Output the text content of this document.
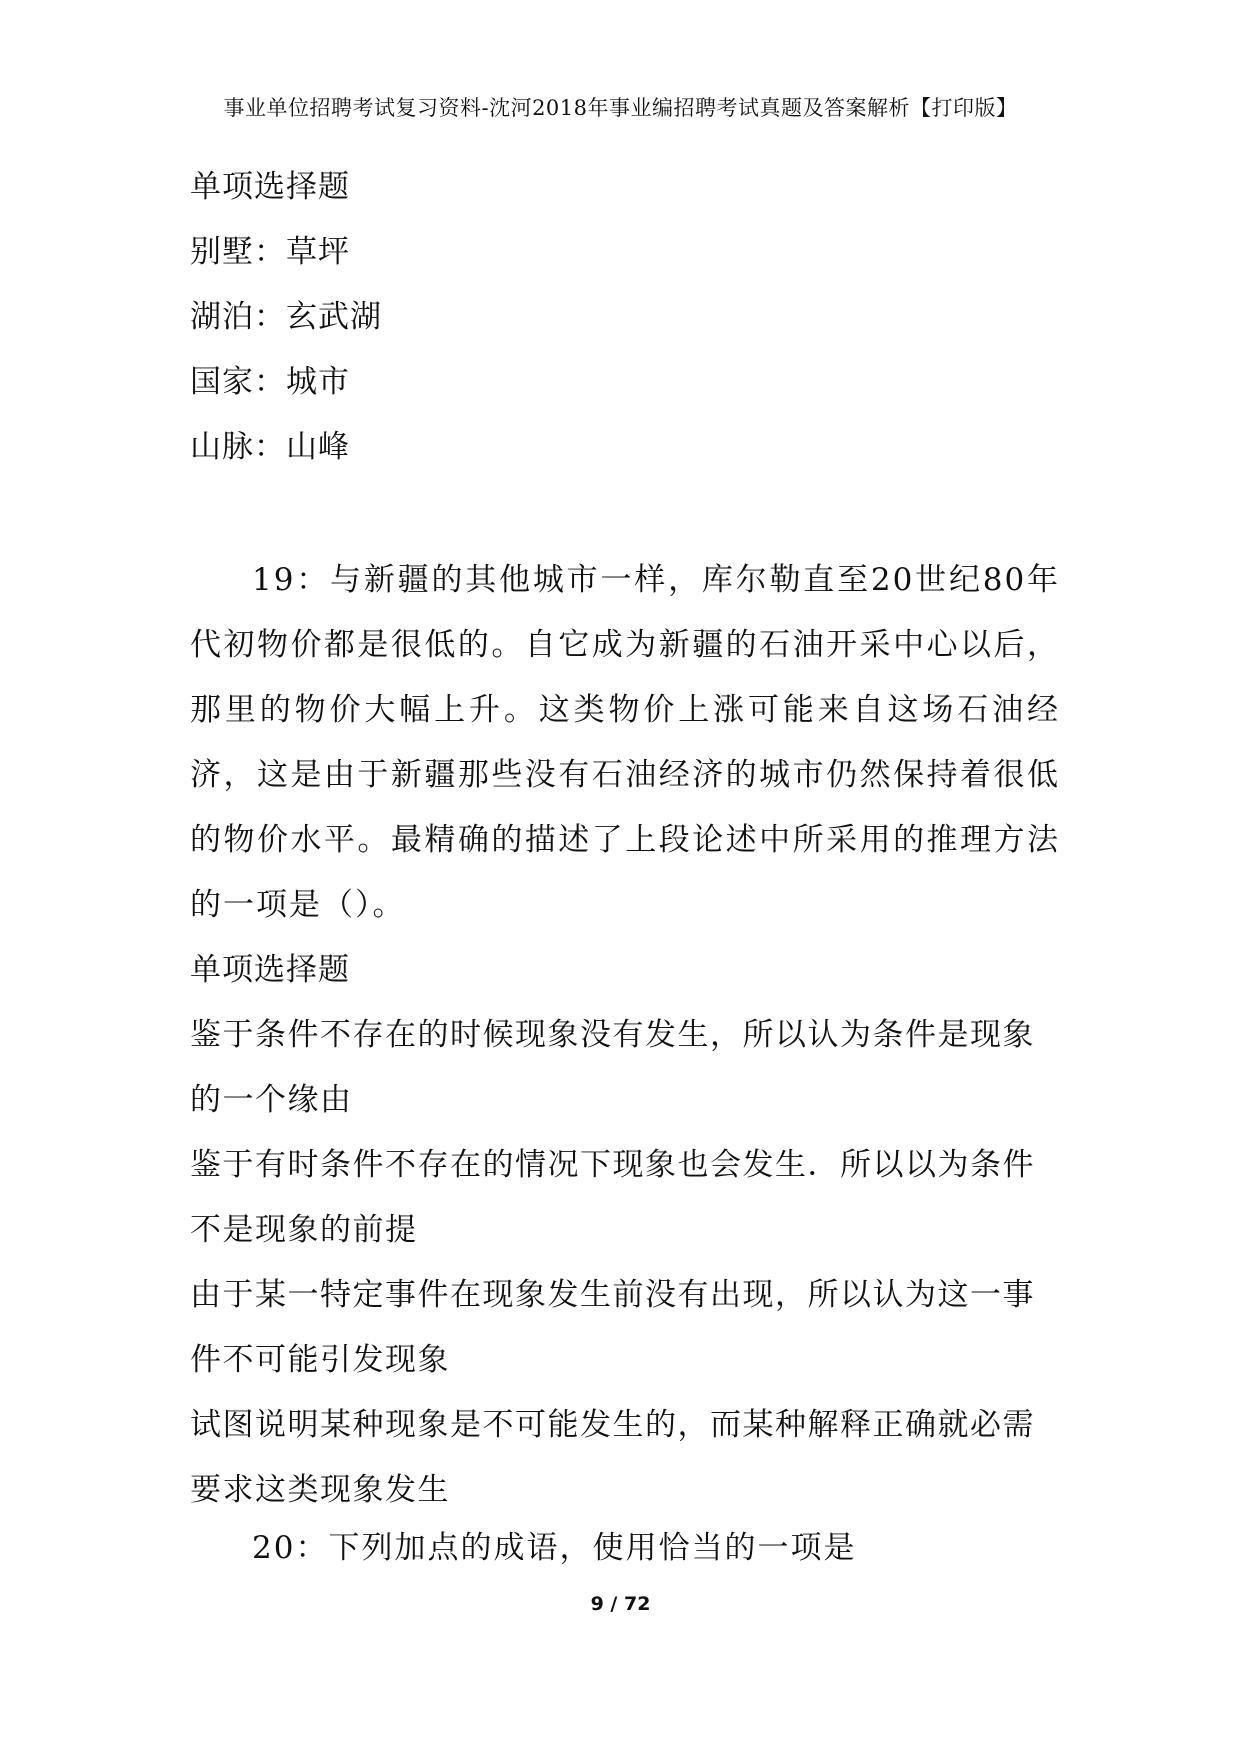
事业单位招聘考试复习资料-沈河2018年事业编招聘考试真题及答案解析【打印版】
单项选择题
别墅：草坪
湖泊：玄武湖
国家：城市
山脉：山峰
19：与新疆的其他城市一样，库尔勒直至20世纪80年代初物价都是很低的。自它成为新疆的石油开采中心以后，那里的物价大幅上升。这类物价上涨可能来自这场石油经济，这是由于新疆那些没有石油经济的城市仍然保持着很低的物价水平。最精确的描述了上段论述中所采用的推理方法的一项是（）。
单项选择题
鉴于条件不存在的时候现象没有发生，所以认为条件是现象的一个缘由
鉴于有时条件不存在的情况下现象也会发生．所以以为条件不是现象的前提
由于某一特定事件在现象发生前没有出现，所以认为这一事件不可能引发现象
试图说明某种现象是不可能发生的，而某种解释正确就必需要求这类现象发生
20：下列加点的成语，使用恰当的一项是
9 / 72
